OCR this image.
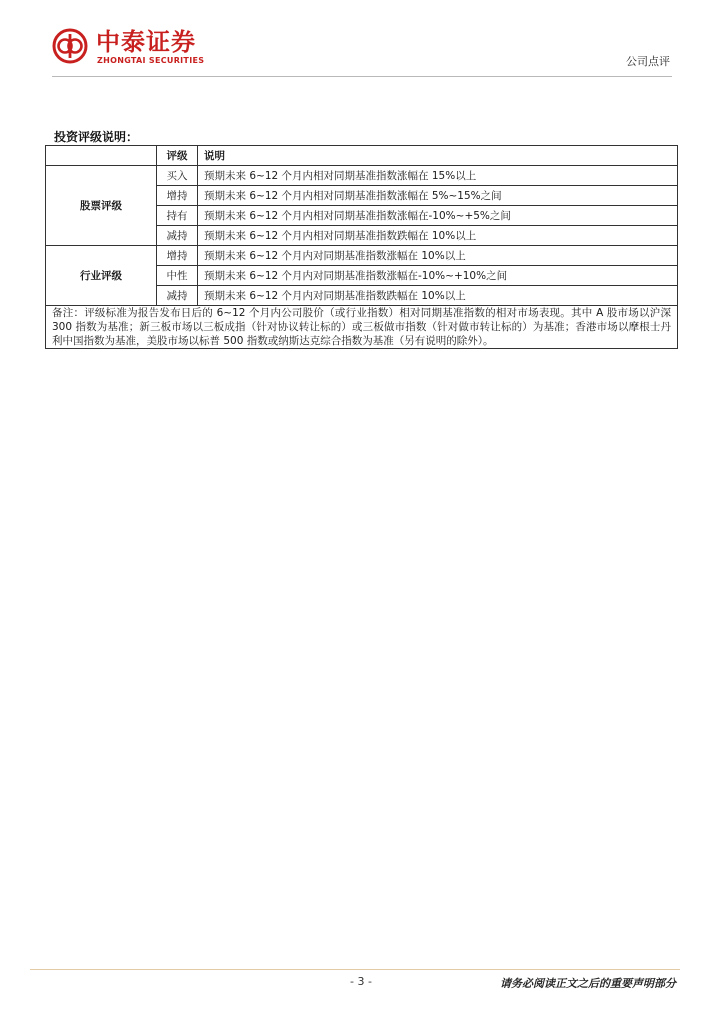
中泰证券
ZHONGTAI SECURITIES	公司点评
投资评级说明：
	评级	说明
股票评级	买入	预期未来 6~12 个月内相对同期基准指数涨幅在 15%以上
	增持	预期未来 6~12 个月内相对同期基准指数涨幅在 5%~15%之间
	持有	预期未来 6~12 个月内相对同期基准指数涨幅在-10%~+5%之间
	减持	预期未来 6~12 个月内相对同期基准指数跌幅在 10%以上
行业评级	增持	预期未来 6~12 个月内对同期基准指数涨幅在 10%以上
	中性	预期未来 6~12 个月内对同期基准指数涨幅在-10%~+10%之间
	减持	预期未来 6~12 个月内对同期基准指数跌幅在 10%以上
备注：评级标准为报告发布日后的 6~12 个月内公司股价（或行业指数）相对同期基准指数的相对市场表现。其中 A 股市场以沪深 300 指数为基准；新三板市场以三板成指（针对协议转让标的）或三板做市指数（针对做市转让标的）为基准；香港市场以摩根士丹利中国指数为基准，美股市场以标普 500 指数或纳斯达克综合指数为基准（另有说明的除外）。		
- 3 -	请务必阅读正文之后的重要声明部分
